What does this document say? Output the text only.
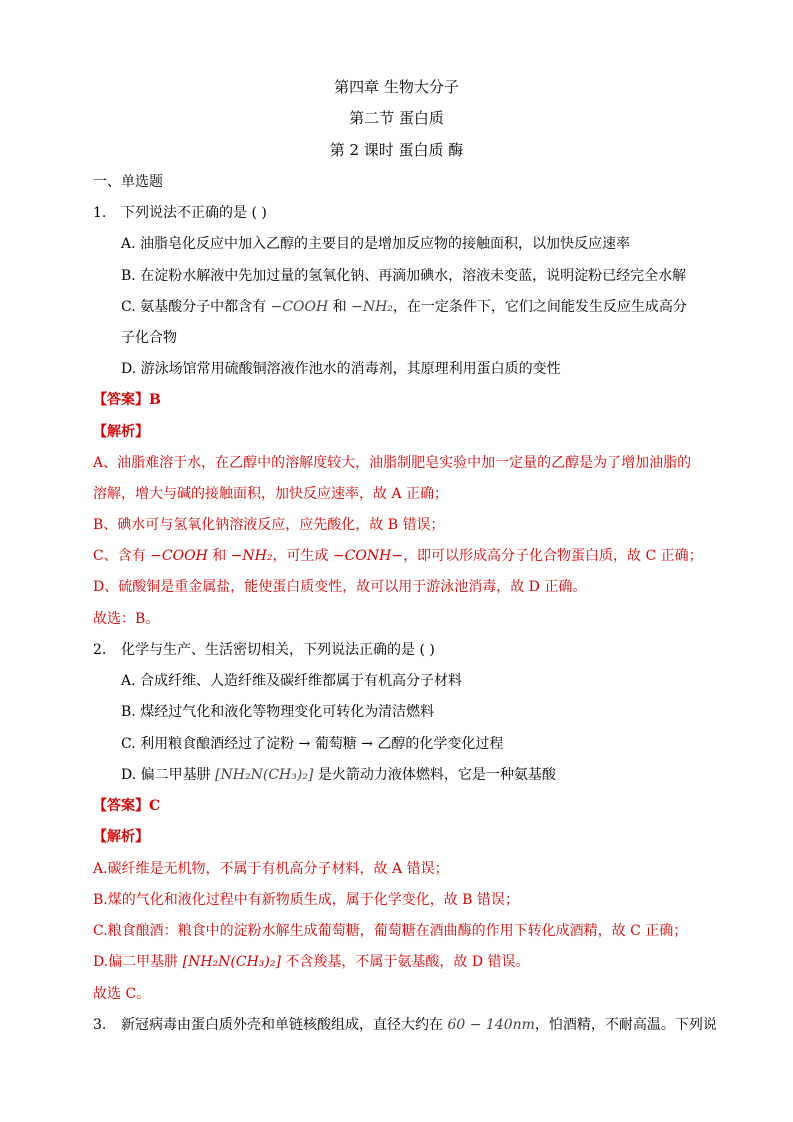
第四章 生物大分子
第二节 蛋白质
第 2 课时 蛋白质 酶
一、单选题
1. 下列说法不正确的是 ( )
A. 油脂皂化反应中加入乙醇的主要目的是增加反应物的接触面积，以加快反应速率
B. 在淀粉水解液中先加过量的氢氧化钠、再滴加碘水，溶液未变蓝，说明淀粉已经完全水解
C. 氨基酸分子中都含有 −COOH 和 −NH₂，在一定条件下，它们之间能发生反应生成高分
子化合物
D. 游泳场馆常用硫酸铜溶液作池水的消毒剂，其原理利用蛋白质的变性
【答案】B
【解析】
A、油脂难溶于水，在乙醇中的溶解度较大，油脂制肥皂实验中加一定量的乙醇是为了增加油脂的
溶解，增大与碱的接触面积，加快反应速率，故 A 正确；
B、碘水可与氢氧化钠溶液反应，应先酸化，故 B 错误；
C、含有 −COOH 和 −NH₂，可生成 −CONH−，即可以形成高分子化合物蛋白质，故 C 正确；
D、硫酸铜是重金属盐，能使蛋白质变性，故可以用于游泳池消毒，故 D 正确。
故选：B。
2. 化学与生产、生活密切相关，下列说法正确的是 ( )
A. 合成纤维、人造纤维及碳纤维都属于有机高分子材料
B. 煤经过气化和液化等物理变化可转化为清洁燃料
C. 利用粮食酿酒经过了淀粉 → 葡萄糖 → 乙醇的化学变化过程
D. 偏二甲基肼 [NH₂N(CH₃)₂] 是火箭动力液体燃料，它是一种氨基酸
【答案】C
【解析】
A.碳纤维是无机物，不属于有机高分子材料，故 A 错误；
B.煤的气化和液化过程中有新物质生成，属于化学变化，故 B 错误；
C.粮食酿酒：粮食中的淀粉水解生成葡萄糖，葡萄糖在酒曲酶的作用下转化成酒精，故 C 正确；
D.偏二甲基肼 [NH₂N(CH₃)₂] 不含羧基，不属于氨基酸，故 D 错误。
故选 C。
3. 新冠病毒由蛋白质外壳和单链核酸组成，直径大约在 60 − 140nm，怕酒精，不耐高温。下列说
